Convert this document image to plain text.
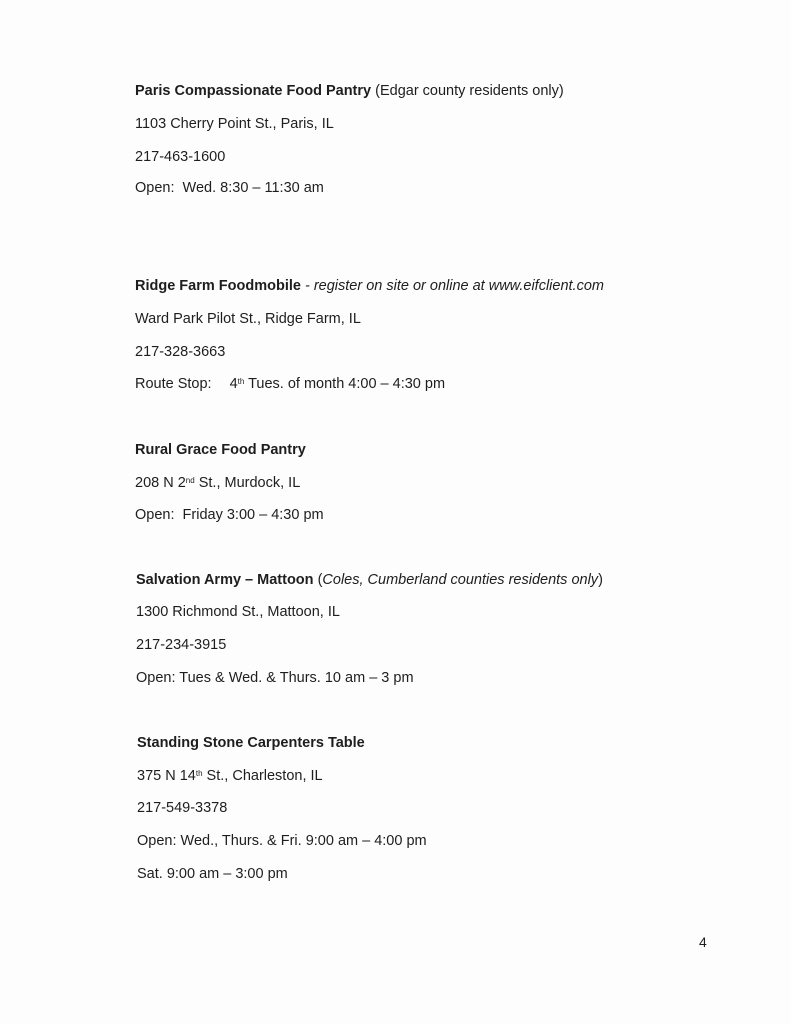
Paris Compassionate Food Pantry (Edgar county residents only)
1103 Cherry Point St., Paris, IL
217-463-1600
Open:  Wed. 8:30 – 11:30 am
Ridge Farm Foodmobile - register on site or online at www.eifclient.com
Ward Park Pilot St., Ridge Farm, IL
217-328-3663
Route Stop: 4th Tues. of month 4:00 – 4:30 pm
Rural Grace Food Pantry
208 N 2nd St., Murdock, IL
Open:  Friday 3:00 – 4:30 pm
Salvation Army – Mattoon (Coles, Cumberland counties residents only)
1300 Richmond St., Mattoon, IL
217-234-3915
Open: Tues & Wed. & Thurs. 10 am – 3 pm
Standing Stone Carpenters Table
375 N 14th St., Charleston, IL
217-549-3378
Open: Wed., Thurs. & Fri. 9:00 am – 4:00 pm
Sat. 9:00 am – 3:00 pm
4
